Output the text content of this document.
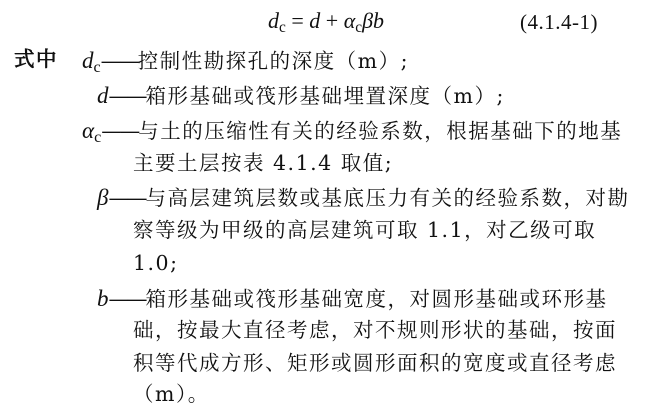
$d_c = d + \alpha_c\beta b$	(4.1.4-1)
式中 $d_c——$控制性勘探孔的深度（m）;
d——箱形基础或筏形基础埋置深度（m）;
$\alpha_c——$与土的压缩性有关的经验系数，根据基础下的地基
主要土层按表 4.1.4 取值;
β——与高层建筑层数或基底压力有关的经验系数，对勘
察等级为甲级的高层建筑可取 1.1，对乙级可取
1.0;
b——箱形基础或筏形基础宽度，对圆形基础或环形基
础，按最大直径考虑，对不规则形状的基础，按面
积等代成方形、矩形或圆形面积的宽度或直径考虑
（m）。
